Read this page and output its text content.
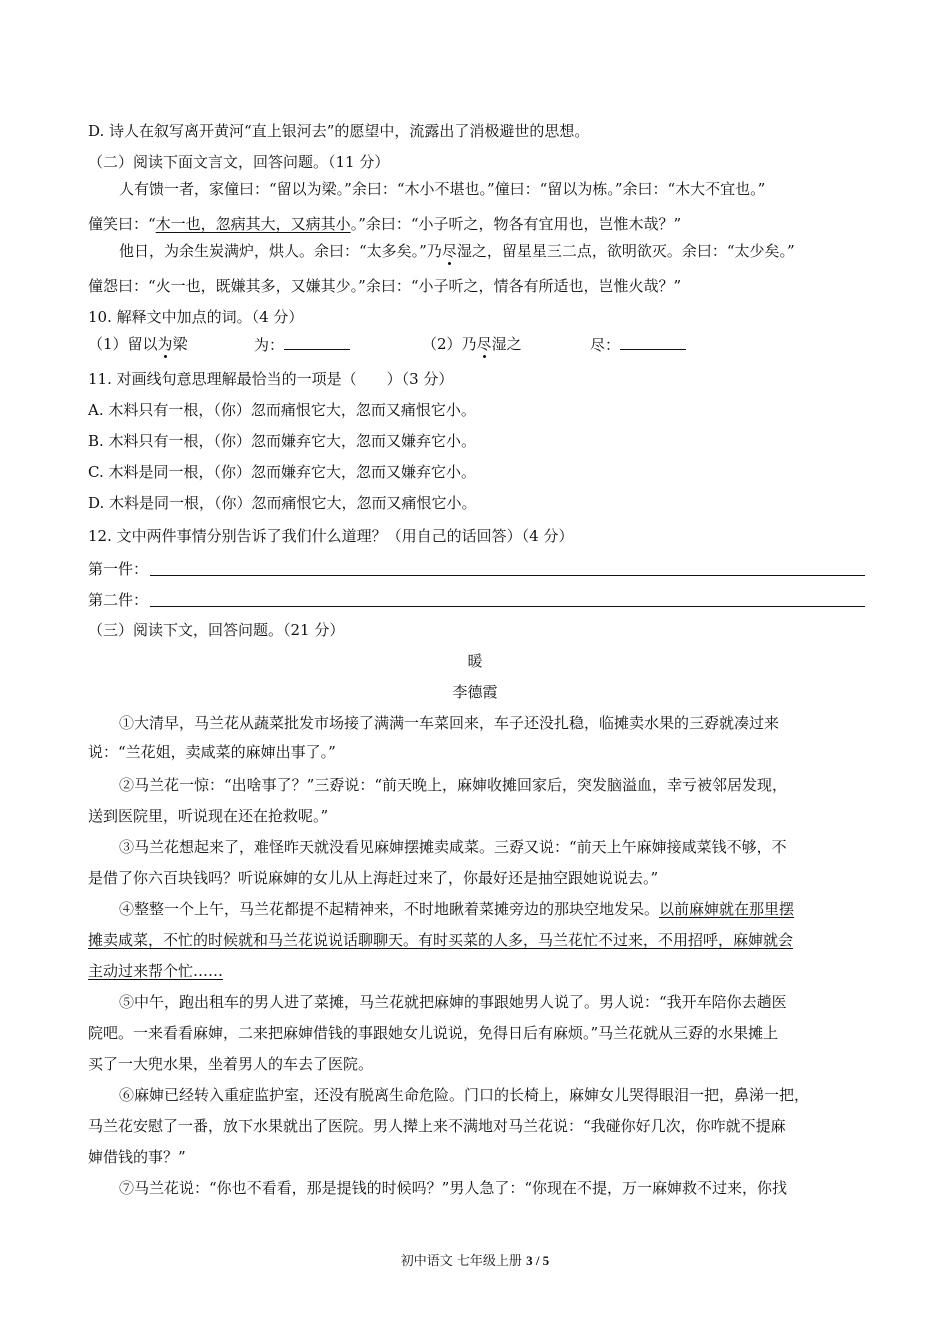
D. 诗人在叙写离开黄河“直上银河去”的愿望中，流露出了消极避世的思想。
（二）阅读下面文言文，回答问题。（11 分）
人有馈一者，家僮曰：“留以为梁。”余曰：“木小不堪也。”僮曰：“留以为栋。”余曰：“木大不宜也。”
僮笑曰：“木一也，忽病其大，又病其小。”余曰：“小子听之，物各有宜用也，岂惟木哉？”
他日，为余生炭满炉，烘人。余曰：“太多矣。”乃尽湿之，留星星三二点，欲明欲灭。余曰：“太少矣。”
僮怨曰：“火一也，既嫌其多，又嫌其少。”余曰：“小子听之，情各有所适也，岂惟火哉？”
10. 解释文中加点的词。（4 分）
（1）留以为梁	为：	（2）乃尽湿之	尽：
11. 对画线句意思理解最恰当的一项是（　　）（3 分）
A. 木料只有一根，（你）忽而痛恨它大，忽而又痛恨它小。
B. 木料只有一根，（你）忽而嫌弃它大，忽而又嫌弃它小。
C. 木料是同一根，（你）忽而嫌弃它大，忽而又嫌弃它小。
D. 木料是同一根，（你）忽而痛恨它大，忽而又痛恨它小。
12. 文中两件事情分别告诉了我们什么道理？（用自己的话回答）（4 分）
第一件：
第二件：
（三）阅读下文，回答问题。（21 分）
暖
李德霞
①大清早，马兰花从蔬菜批发市场接了满满一车菜回来，车子还没扎稳，临摊卖水果的三孬就凑过来
说：“兰花姐，卖咸菜的麻婶出事了。”
②马兰花一惊：“出啥事了？”三孬说：“前天晚上，麻婶收摊回家后，突发脑溢血，幸亏被邻居发现，
送到医院里，听说现在还在抢救呢。”
③马兰花想起来了，难怪昨天就没看见麻婶摆摊卖咸菜。三孬又说：“前天上午麻婶接咸菜钱不够，不
是借了你六百块钱吗？听说麻婶的女儿从上海赶过来了，你最好还是抽空跟她说说去。”
④整整一个上午，马兰花都提不起精神来，不时地瞅着菜摊旁边的那块空地发呆。以前麻婶就在那里摆
摊卖咸菜，不忙的时候就和马兰花说说话聊聊天。有时买菜的人多，马兰花忙不过来，不用招呼，麻婶就会
主动过来帮个忙……
⑤中午，跑出租车的男人进了菜摊，马兰花就把麻婶的事跟她男人说了。男人说：“我开车陪你去趟医
院吧。一来看看麻婶，二来把麻婶借钱的事跟她女儿说说，免得日后有麻烦。”马兰花就从三孬的水果摊上
买了一大兜水果，坐着男人的车去了医院。
⑥麻婶已经转入重症监护室，还没有脱离生命危险。门口的长椅上，麻婶女儿哭得眼泪一把，鼻涕一把，
马兰花安慰了一番，放下水果就出了医院。男人撵上来不满地对马兰花说：“我碰你好几次，你咋就不提麻
婶借钱的事？”
⑦马兰花说：“你也不看看，那是提钱的时候吗？”男人急了：“你现在不提，万一麻婶救不过来，你找
初中语文 七年级上册 3 / 5
